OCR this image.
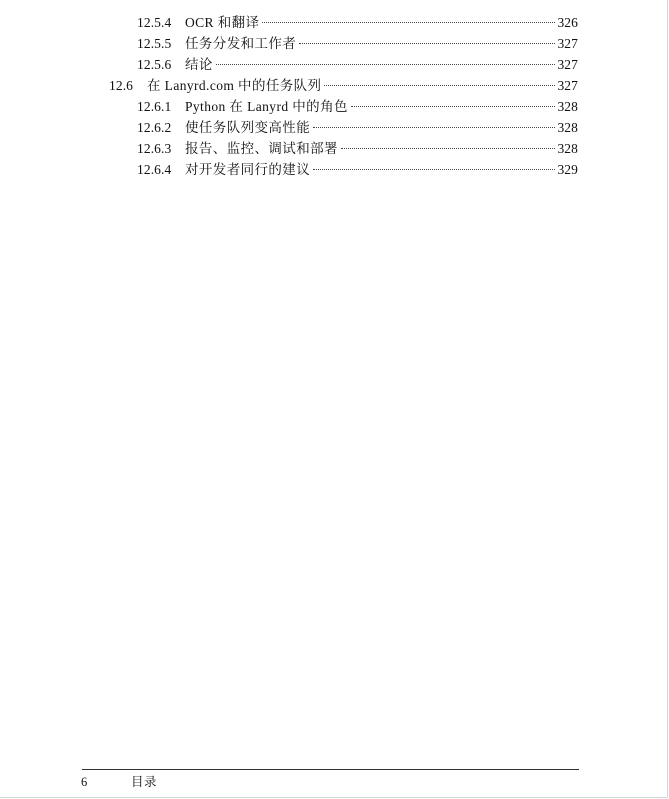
12.5.4	OCR 和翻译	326
12.5.5	任务分发和工作者	327
12.5.6	结论	327
12.6	在 Lanyrd.com 中的任务队列	327
12.6.1	Python 在 Lanyrd 中的角色	328
12.6.2	使任务队列变高性能	328
12.6.3	报告、监控、调试和部署	328
12.6.4	对开发者同行的建议	329
6	目录
